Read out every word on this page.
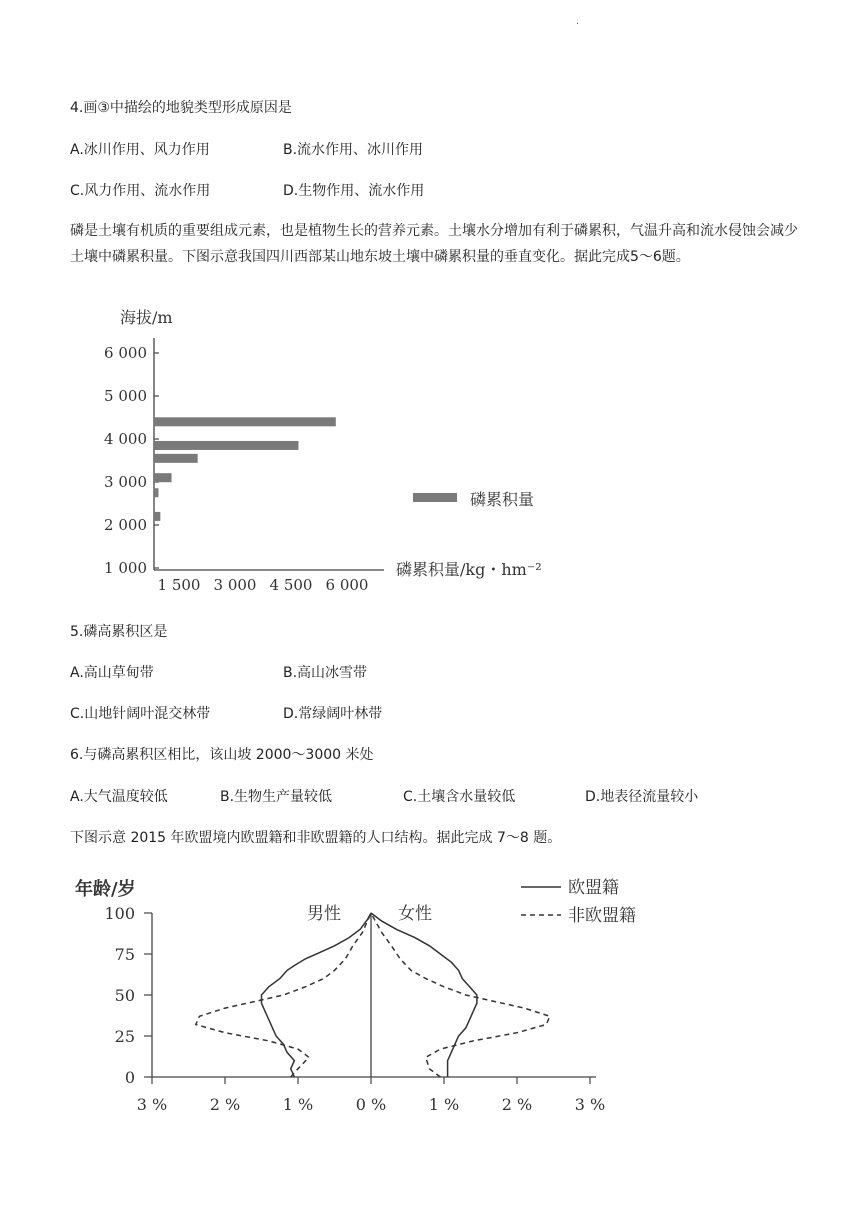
.
4.画③中描绘的地貌类型形成原因是
A.冰川作用、风力作用	B.流水作用、冰川作用
C.风力作用、流水作用	D.生物作用、流水作用
磷是土壤有机质的重要组成元素，也是植物生长的营养元素。土壤水分增加有利于磷累积，气温升高和流水侵蚀会减少土壤中磷累积量。下图示意我国四川西部某山地东坡土壤中磷累积量的垂直变化。据此完成5～6题。
海拔/m
1 000
2 000
3 000
4 000
5 000
6 000
1 500 3 000 4 500 6 000
磷累积量
磷累积量/kg・hm⁻²
5.磷高累积区是
A.高山草甸带	B.高山冰雪带
C.山地针阔叶混交林带	D.常绿阔叶林带
6.与磷高累积区相比，该山坡 2000～3000 米处
A.大气温度较低	B.生物生产量较低	C.土壤含水量较低	D.地表径流量较小
下图示意 2015 年欧盟境内欧盟籍和非欧盟籍的人口结构。据此完成 7～8 题。
年龄/岁
0
25
50
75
100
3 %	2 %	1 %	0 %	1 %	2 %	3 %
男性	女性
欧盟籍
非欧盟籍
